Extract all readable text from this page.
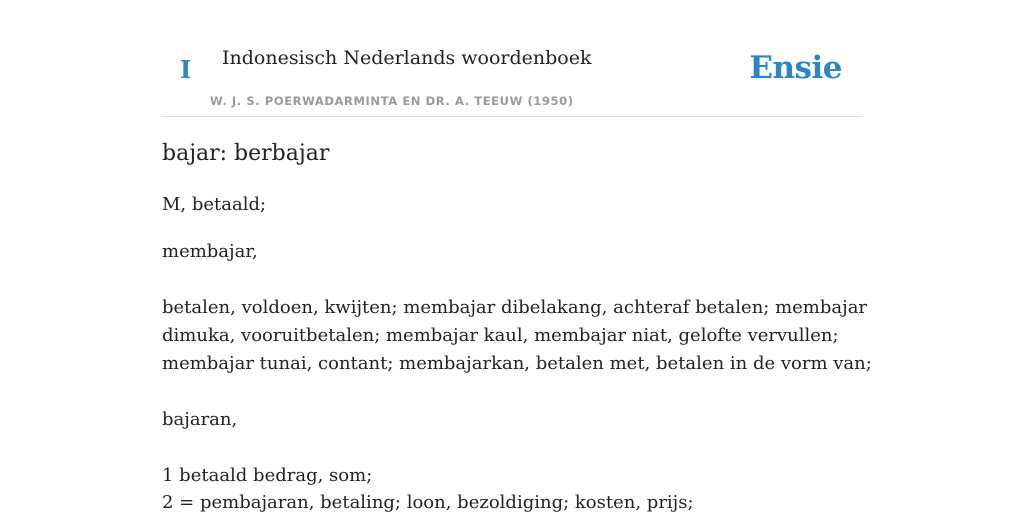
I Indonesisch Nederlands woordenboek
W. J. S. POERWADARMINTA EN DR. A. TEEUW (1950)
Ensie
bajar: berbajar
M, betaald;
membajar,
betalen, voldoen, kwijten; membajar dibelakang, achteraf betalen; membajar
dimuka, vooruitbetalen; membajar kaul, membajar niat, gelofte vervullen;
membajar tunai, contant; membajarkan, betalen met, betalen in de vorm van;
bajaran,
1 betaald bedrag, som;
2 = pembajaran, betaling; loon, bezoldiging; kosten, prijs;
